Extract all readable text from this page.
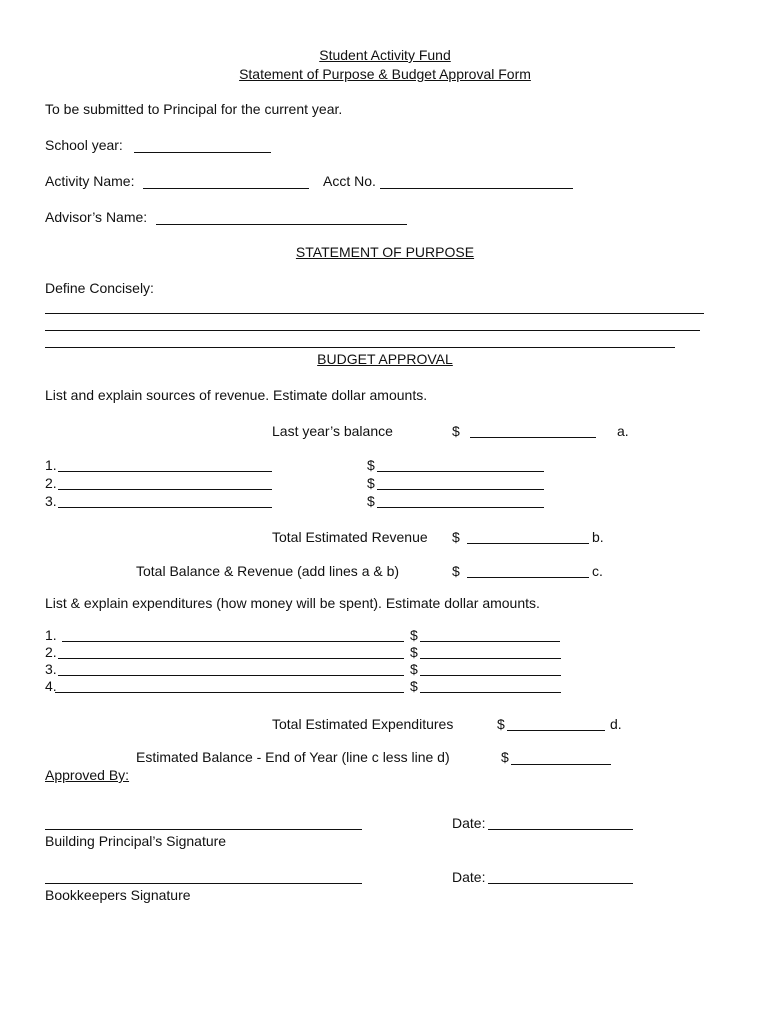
Student Activity Fund
Statement of Purpose & Budget Approval Form
To be submitted to Principal for the current year.
School year:
Activity Name:	Acct No.
Advisor’s Name:
STATEMENT OF PURPOSE
Define Concisely:
BUDGET APPROVAL
List and explain sources of revenue. Estimate dollar amounts.
Last year’s balance	$	a.
1.	$
2.	$
3.	$
Total Estimated Revenue $	b.
Total Balance & Revenue (add lines a & b)	$	c.
List & explain expenditures (how money will be spent). Estimate dollar amounts.
1.	$
2.	$
3.	$
4.	$
Total Estimated Expenditures	$	d.
Estimated Balance - End of Year (line c less line d)	$
Approved By:
Building Principal’s Signature
Date:
Bookkeepers Signature
Date:
